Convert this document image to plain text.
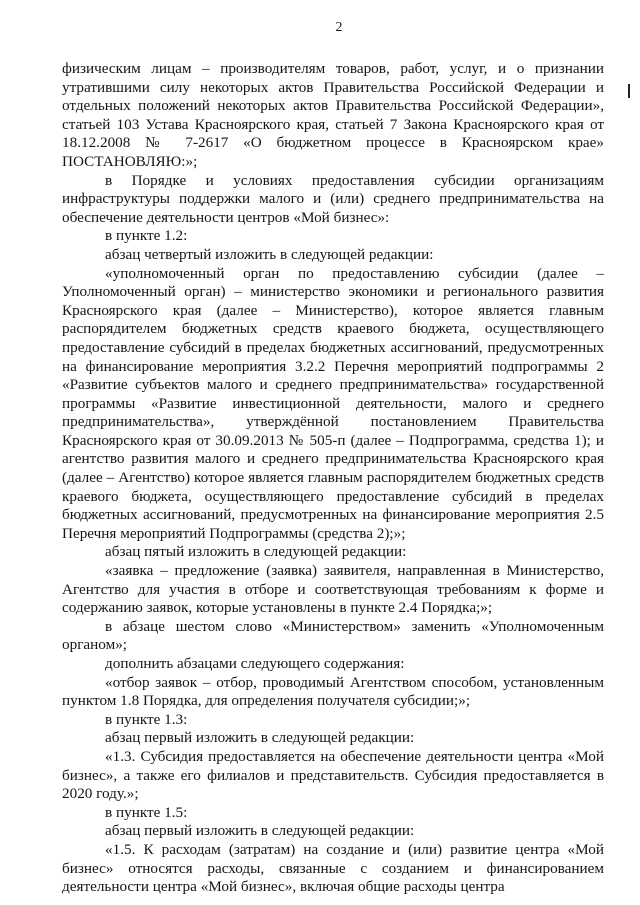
2

физическим лицам – производителям товаров, работ, услуг, и о признании утратившими силу некоторых актов Правительства Российской Федерации и отдельных положений некоторых актов Правительства Российской Федерации», статьей 103 Устава Красноярского края, статьей 7 Закона Красноярского края от 18.12.2008 № 7-2617 «О бюджетном процессе в Красноярском крае» ПОСТАНОВЛЯЮ:»;

в Порядке и условиях предоставления субсидии организациям инфраструктуры поддержки малого и (или) среднего предпринимательства на обеспечение деятельности центров «Мой бизнес»:

в пункте 1.2:

абзац четвертый изложить в следующей редакции:

«уполномоченный орган по предоставлению субсидии (далее – Уполномоченный орган) – министерство экономики и регионального развития Красноярского края (далее – Министерство), которое является главным распорядителем бюджетных средств краевого бюджета, осуществляющего предоставление субсидий в пределах бюджетных ассигнований, предусмотренных на финансирование мероприятия 3.2.2 Перечня мероприятий подпрограммы 2 «Развитие субъектов малого и среднего предпринимательства» государственной программы «Развитие инвестиционной деятельности, малого и среднего предпринимательства», утверждённой постановлением Правительства Красноярского края от 30.09.2013 № 505-п (далее – Подпрограмма, средства 1); и агентство развития малого и среднего предпринимательства Красноярского края (далее – Агентство) которое является главным распорядителем бюджетных средств краевого бюджета, осуществляющего предоставление субсидий в пределах бюджетных ассигнований, предусмотренных на финансирование мероприятия 2.5 Перечня мероприятий Подпрограммы (средства 2);»;

абзац пятый изложить в следующей редакции:

«заявка – предложение (заявка) заявителя, направленная в Министерство, Агентство для участия в отборе и соответствующая требованиям к форме и содержанию заявок, которые установлены в пункте 2.4 Порядка;»;

в абзаце шестом слово «Министерством» заменить «Уполномоченным органом»;

дополнить абзацами следующего содержания:

«отбор заявок – отбор, проводимый Агентством способом, установленным пунктом 1.8 Порядка, для определения получателя субсидии;»;

в пункте 1.3:

абзац первый изложить в следующей редакции:

«1.3. Субсидия предоставляется на обеспечение деятельности центра «Мой бизнес», а также его филиалов и представительств. Субсидия предоставляется в 2020 году.»;

в пункте 1.5:

абзац первый изложить в следующей редакции:

«1.5. К расходам (затратам) на создание и (или) развитие центра «Мой бизнес» относятся расходы, связанные с созданием и финансированием деятельности центра «Мой бизнес», включая общие расходы центра
